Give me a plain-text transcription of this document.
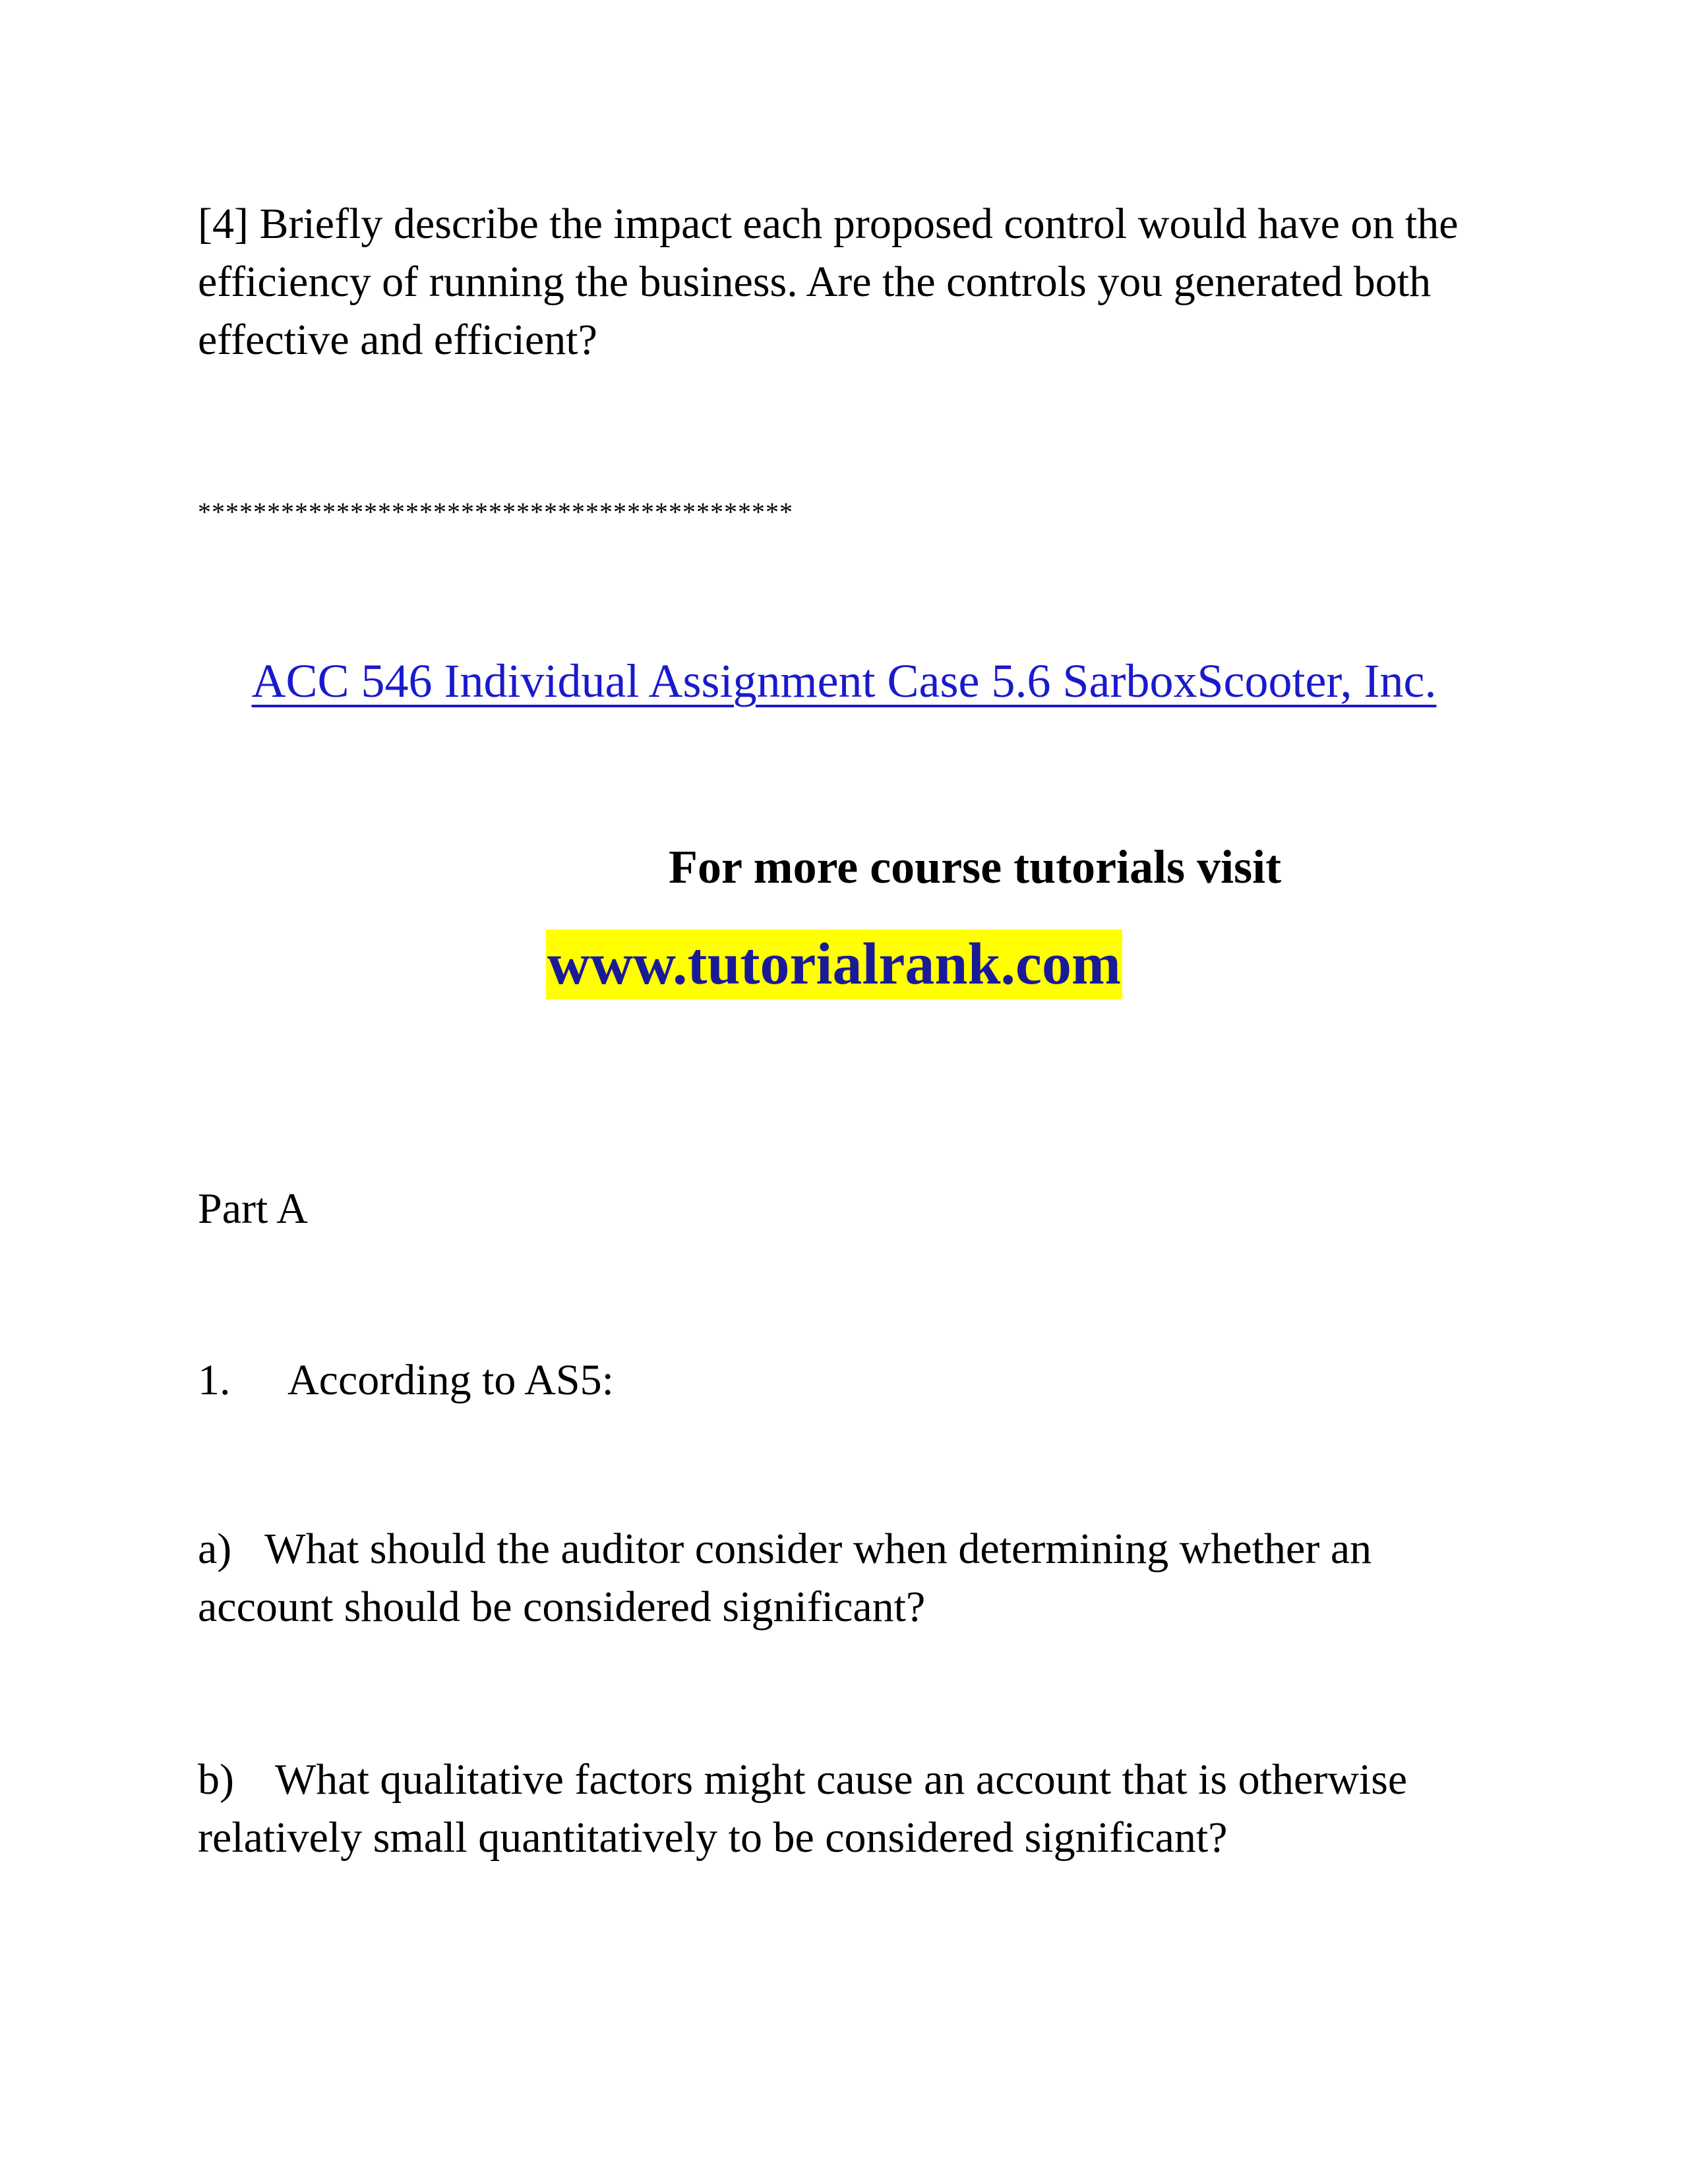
[4] Briefly describe the impact each proposed control would have on the efficiency of running the business. Are the controls you generated both effective and efficient?

*******************************************
ACC 546 Individual Assignment Case 5.6 SarboxScooter, Inc.
For more course tutorials visit
www.tutorialrank.com
Part A
1. According to AS5:

a) What should the auditor consider when determining whether an account should be considered significant?

b) What qualitative factors might cause an account that is otherwise relatively small quantitatively to be considered significant?
